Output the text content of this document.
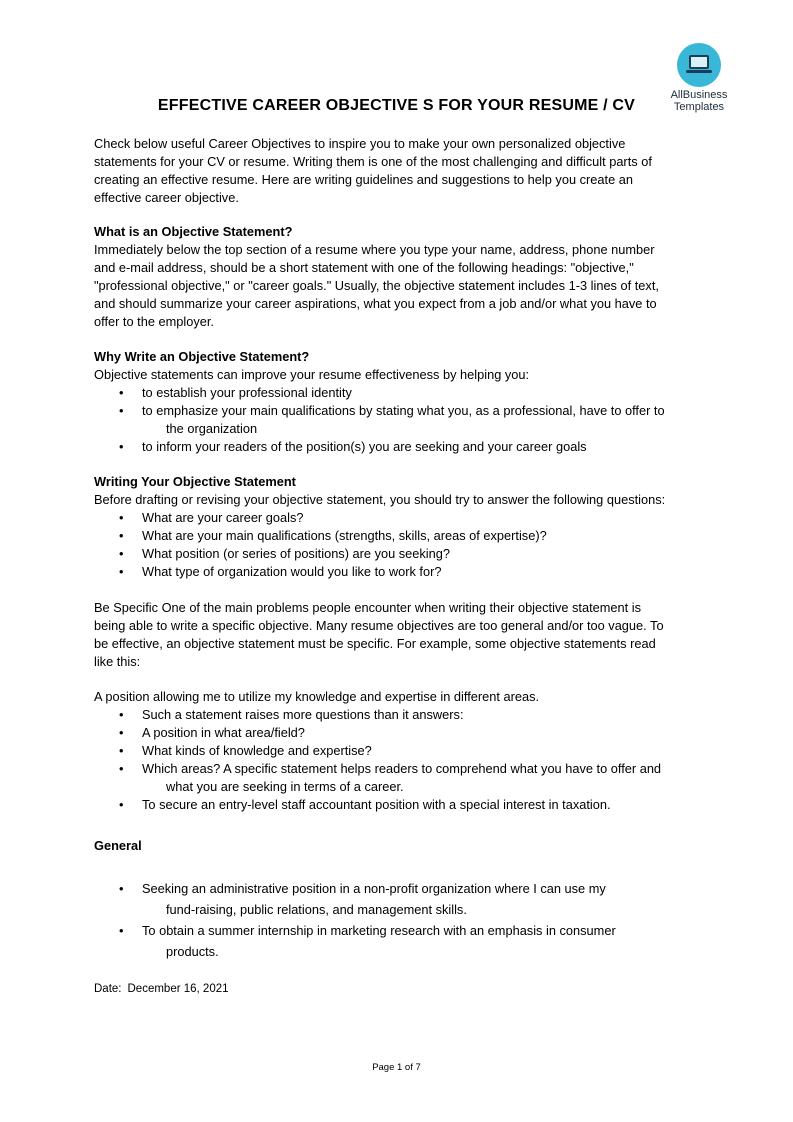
AllBusiness
Templates
EFFECTIVE CAREER OBJECTIVE S FOR YOUR RESUME / CV

Check below useful Career Objectives to inspire you to make your own personalized objective

statements for your CV or resume. Writing them is one of the most challenging and difficult parts of

creating an effective resume. Here are writing guidelines and suggestions to help you create an

effective career objective.

What is an Objective Statement?

Immediately below the top section of a resume where you type your name, address, phone number

and e-mail address, should be a short statement with one of the following headings: "objective,"

"professional objective," or "career goals." Usually, the objective statement includes 1-3 lines of text,

and should summarize your career aspirations, what you expect from a job and/or what you have to

offer to the employer.

Why Write an Objective Statement?

Objective statements can improve your resume effectiveness by helping you:

• to establish your professional identity
• to emphasize your main qualifications by stating what you, as a professional, have to offer to
the organization
• to inform your readers of the position(s) you are seeking and your career goals

Writing Your Objective Statement

Before drafting or revising your objective statement, you should try to answer the following questions:

• What are your career goals?
• What are your main qualifications (strengths, skills, areas of expertise)?
• What position (or series of positions) are you seeking?
• What type of organization would you like to work for?

Be Specific One of the main problems people encounter when writing their objective statement is

being able to write a specific objective. Many resume objectives are too general and/or too vague. To

be effective, an objective statement must be specific. For example, some objective statements read

like this:

A position allowing me to utilize my knowledge and expertise in different areas.

• Such a statement raises more questions than it answers:
• A position in what area/field?
• What kinds of knowledge and expertise?
• Which areas? A specific statement helps readers to comprehend what you have to offer and
what you are seeking in terms of a career.
• To secure an entry-level staff accountant position with a special interest in taxation.

General

• Seeking an administrative position in a non-profit organization where I can use my
fund-raising, public relations, and management skills.
• To obtain a summer internship in marketing research with an emphasis in consumer
products.
Date: December 16, 2021
Page 1 of 7
